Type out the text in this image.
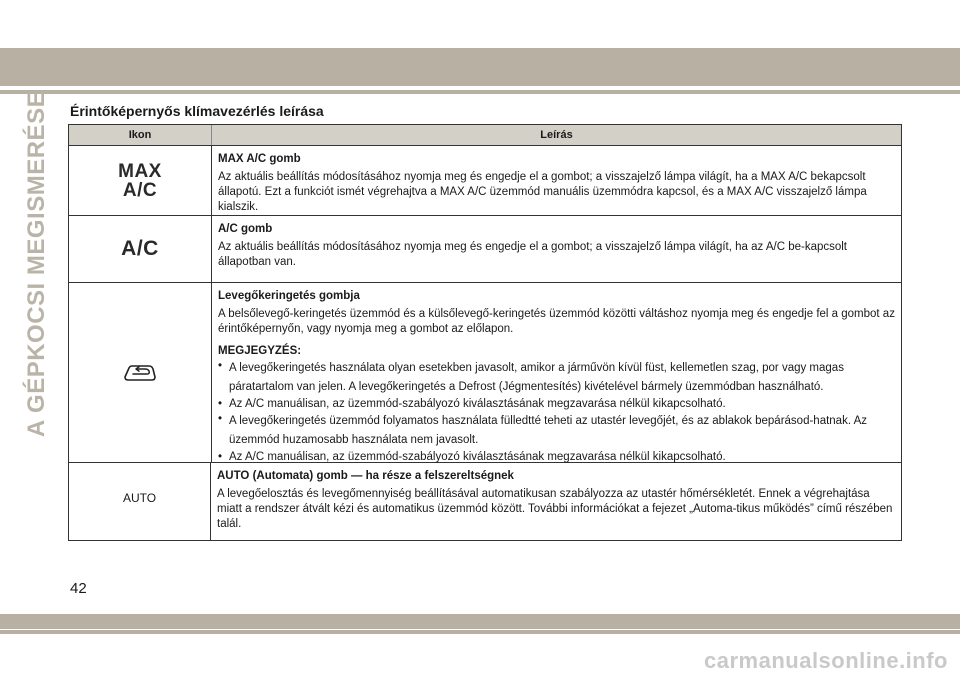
A GÉPKOCSI MEGISMERÉSE Érintőképernyős klímavezérlés leírása
Ikon	Leírás
MAX
A/C
MAX A/C gomb

Az aktuális beállítás módosításához nyomja meg és engedje el a gombot; a visszajelző lámpa világít, ha a MAX A/C bekapcsolt állapotú. Ezt a funkciót ismét végrehajtva a MAX A/C üzemmód manuális üzemmódra kapcsol, és a MAX A/C visszajelző lámpa kialszik.

A/C
A/C gomb

Az aktuális beállítás módosításához nyomja meg és engedje el a gombot; a visszajelző lámpa világít, ha az A/C be-kapcsolt állapotban van.

Levegőkeringetés gombja

A belsőlevegő-keringetés üzemmód és a külsőlevegő-keringetés üzemmód közötti váltáshoz nyomja meg és engedje fel a gombot az érintőképernyőn, vagy nyomja meg a gombot az előlapon.

MEGJEGYZÉS:
• A levegőkeringetés használata olyan esetekben javasolt, amikor a járművön kívül füst, kellemetlen szag, por vagy magas páratartalom van jelen. A levegőkeringetés a Defrost (Jégmentesítés) kivételével bármely üzemmódban használható.
• Az A/C manuálisan, az üzemmód-szabályozó kiválasztásának megzavarása nélkül kikapcsolható.
• A levegőkeringetés üzemmód folyamatos használata fülledtté teheti az utastér levegőjét, és az ablakok bepárásod-hatnak. Az üzemmód huzamosabb használata nem javasolt.
• Az A/C manuálisan, az üzemmód-szabályozó kiválasztásának megzavarása nélkül kikapcsolható.
AUTO
AUTO (Automata) gomb — ha része a felszereltségnek

A levegőelosztás és levegőmennyiség beállításával automatikusan szabályozza az utastér hőmérsékletét. Ennek a végrehajtása miatt a rendszer átvált kézi és automatikus üzemmód között. További információkat a fejezet „Automa-tikus működés” című részében talál.

42
carmanualsonline.info
